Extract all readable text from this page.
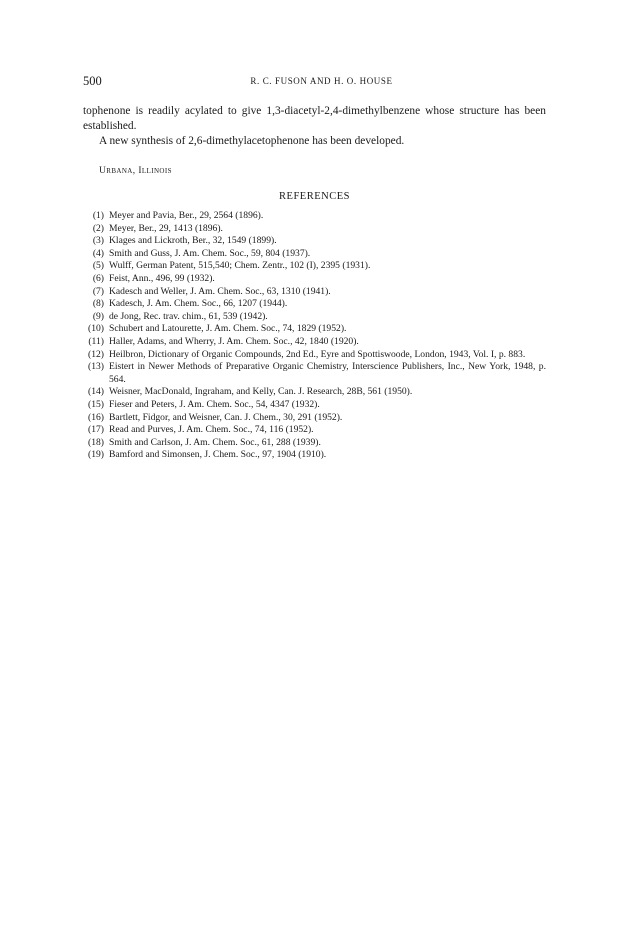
500	R. C. FUSON AND H. O. HOUSE

tophenone is readily acylated to give 1,3-diacetyl-2,4-dimethylbenzene whose structure has been established.

A new synthesis of 2,6-dimethylacetophenone has been developed.

Urbana, Illinois
REFERENCES
(1) Meyer and Pavia, Ber., 29, 2564 (1896).
(2) Meyer, Ber., 29, 1413 (1896).
(3) Klages and Lickroth, Ber., 32, 1549 (1899).
(4) Smith and Guss, J. Am. Chem. Soc., 59, 804 (1937).
(5) Wulff, German Patent, 515,540; Chem. Zentr., 102 (I), 2395 (1931).
(6) Feist, Ann., 496, 99 (1932).
(7) Kadesch and Weller, J. Am. Chem. Soc., 63, 1310 (1941).
(8) Kadesch, J. Am. Chem. Soc., 66, 1207 (1944).
(9) de Jong, Rec. trav. chim., 61, 539 (1942).
(10) Schubert and Latourette, J. Am. Chem. Soc., 74, 1829 (1952).
(11) Haller, Adams, and Wherry, J. Am. Chem. Soc., 42, 1840 (1920).
(12) Heilbron, Dictionary of Organic Compounds, 2nd Ed., Eyre and Spottiswoode, London, 1943, Vol. I, p. 883.
(13) Eistert in Newer Methods of Preparative Organic Chemistry, Interscience Publishers, Inc., New York, 1948, p. 564.
(14) Weisner, MacDonald, Ingraham, and Kelly, Can. J. Research, 28B, 561 (1950).
(15) Fieser and Peters, J. Am. Chem. Soc., 54, 4347 (1932).
(16) Bartlett, Fidgor, and Weisner, Can. J. Chem., 30, 291 (1952).
(17) Read and Purves, J. Am. Chem. Soc., 74, 116 (1952).
(18) Smith and Carlson, J. Am. Chem. Soc., 61, 288 (1939).
(19) Bamford and Simonsen, J. Chem. Soc., 97, 1904 (1910).
